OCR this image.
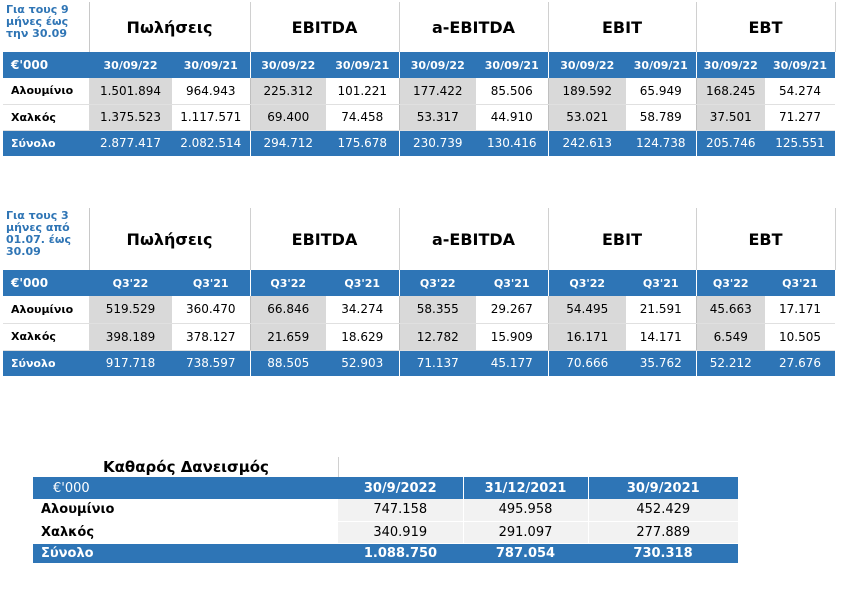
Για τους 9 μήνες έως την 30.09	Πωλήσεις		EBITDA		a-EBITDA		EBIT		EBT	
€'000	30/09/22	30/09/21	30/09/22	30/09/21	30/09/22	30/09/21	30/09/22	30/09/21	30/09/22	30/09/21
Αλουμίνιο	1.501.894	964.943	225.312	101.221	177.422	85.506	189.592	65.949	168.245	54.274
Χαλκός	1.375.523	1.117.571	69.400	74.458	53.317	44.910	53.021	58.789	37.501	71.277
Σύνολο	2.877.417	2.082.514	294.712	175.678	230.739	130.416	242.613	124.738	205.746	125.551
Για τους 3 μήνες από 01.07. έως 30.09	Πωλήσεις		EBITDA		a-EBITDA		EBIT		EBT	
€'000	Q3'22	Q3'21	Q3'22	Q3'21	Q3'22	Q3'21	Q3'22	Q3'21	Q3'22	Q3'21
Αλουμίνιο	519.529	360.470	66.846	34.274	58.355	29.267	54.495	21.591	45.663	17.171
Χαλκός	398.189	378.127	21.659	18.629	12.782	15.909	16.171	14.171	6.549	10.505
Σύνολο	917.718	738.597	88.505	52.903	71.137	45.177	70.666	35.762	52.212	27.676
Καθαρός Δανεισμός			
€'000	30/9/2022	31/12/2021	30/9/2021
Αλουμίνιο	747.158	495.958	452.429
Χαλκός	340.919	291.097	277.889
Σύνολο	1.088.750	787.054	730.318
